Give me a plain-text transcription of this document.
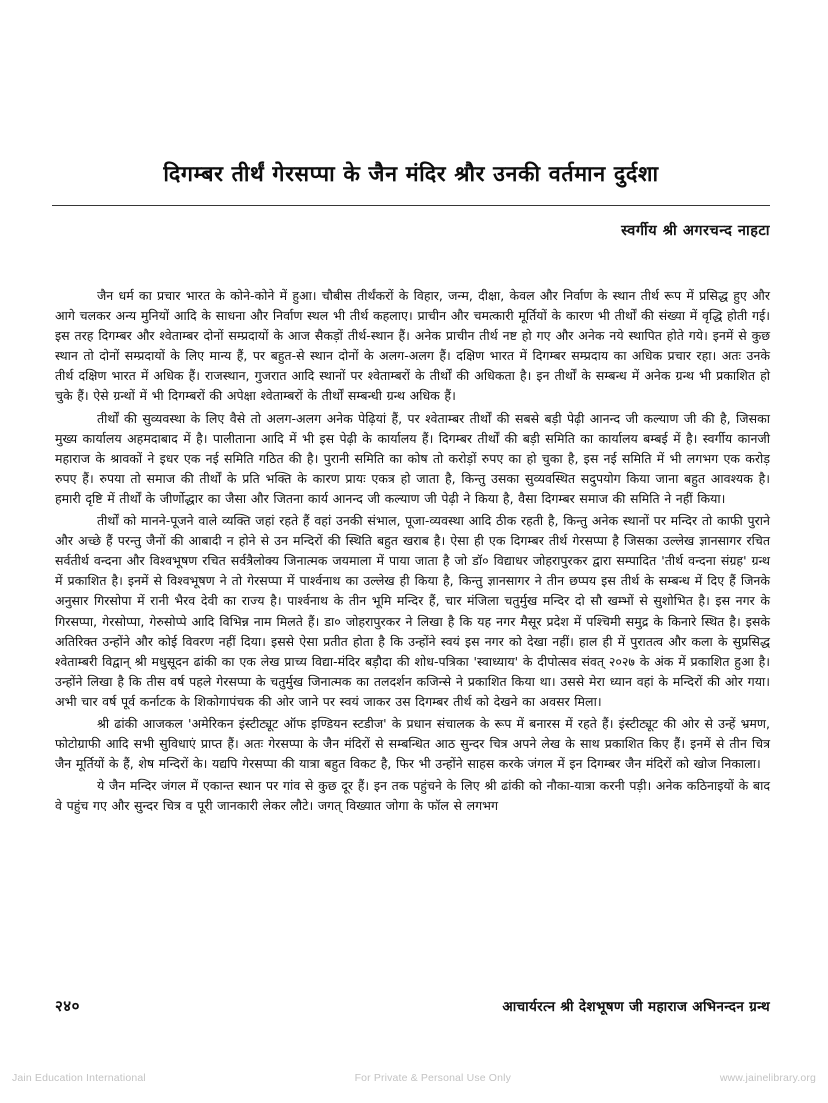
दिगम्बर तीर्थं गेरसप्पा के जैन मंदिर श्रौर उनकी वर्तमान दुर्दशा
स्वर्गीय श्री अगरचन्द नाहटा

जैन धर्म का प्रचार भारत के कोने-कोने में हुआ। चौबीस तीर्थंकरों के विहार, जन्म, दीक्षा, केवल और निर्वाण के स्थान तीर्थ रूप में प्रसिद्ध हुए और आगे चलकर अन्य मुनियों आदि के साधना और निर्वाण स्थल भी तीर्थ कहलाए। प्राचीन और चमत्कारी मूर्तियों के कारण भी तीर्थों की संख्या में वृद्धि होती गई। इस तरह दिगम्बर और श्वेताम्बर दोनों सम्प्रदायों के आज सैकड़ों तीर्थ-स्थान हैं। अनेक प्राचीन तीर्थ नष्ट हो गए और अनेक नये स्थापित होते गये। इनमें से कुछ स्थान तो दोनों सम्प्रदायों के लिए मान्य हैं, पर बहुत-से स्थान दोनों के अलग-अलग हैं। दक्षिण भारत में दिगम्बर सम्प्रदाय का अधिक प्रचार रहा। अतः उनके तीर्थ दक्षिण भारत में अधिक हैं। राजस्थान, गुजरात आदि स्थानों पर श्वेताम्बरों के तीर्थों की अधिकता है। इन तीर्थों के सम्बन्ध में अनेक ग्रन्थ भी प्रकाशित हो चुके हैं। ऐसे ग्रन्थों में भी दिगम्बरों की अपेक्षा श्वेताम्बरों के तीर्थों सम्बन्धी ग्रन्थ अधिक हैं।

तीर्थों की सुव्यवस्था के लिए वैसे तो अलग-अलग अनेक पेढ़ियां हैं, पर श्वेताम्बर तीर्थों की सबसे बड़ी पेढ़ी आनन्द जी कल्याण जी की है, जिसका मुख्य कार्यालय अहमदाबाद में है। पालीताना आदि में भी इस पेढ़ी के कार्यालय हैं। दिगम्बर तीर्थों की बड़ी समिति का कार्यालय बम्बई में है। स्वर्गीय कानजी महाराज के श्रावकों ने इधर एक नई समिति गठित की है। पुरानी समिति का कोष तो करोड़ों रुपए का हो चुका है, इस नई समिति में भी लगभग एक करोड़ रुपए हैं। रुपया तो समाज की तीर्थों के प्रति भक्ति के कारण प्रायः एकत्र हो जाता है, किन्तु उसका सुव्यवस्थित सदुपयोग किया जाना बहुत आवश्यक है। हमारी दृष्टि में तीर्थों के जीर्णोद्धार का जैसा और जितना कार्य आनन्द जी कल्याण जी पेढ़ी ने किया है, वैसा दिगम्बर समाज की समिति ने नहीं किया।

तीर्थों को मानने-पूजने वाले व्यक्ति जहां रहते हैं वहां उनकी संभाल, पूजा-व्यवस्था आदि ठीक रहती है, किन्तु अनेक स्थानों पर मन्दिर तो काफी पुराने और अच्छे हैं परन्तु जैनों की आबादी न होने से उन मन्दिरों की स्थिति बहुत खराब है। ऐसा ही एक दिगम्बर तीर्थ गेरसप्पा है जिसका उल्लेख ज्ञानसागर रचित सर्वतीर्थ वन्दना और विश्वभूषण रचित सर्वत्रैलोक्य जिनात्मक जयमाला में पाया जाता है जो डॉ० विद्याधर जोहरापुरकर द्वारा सम्पादित 'तीर्थ वन्दना संग्रह' ग्रन्थ में प्रकाशित है। इनमें से विश्वभूषण ने तो गेरसप्पा में पार्श्वनाथ का उल्लेख ही किया है, किन्तु ज्ञानसागर ने तीन छप्पय इस तीर्थ के सम्बन्ध में दिए हैं जिनके अनुसार गिरसोपा में रानी भैरव देवी का राज्य है। पार्श्वनाथ के तीन भूमि मन्दिर हैं, चार मंजिला चतुर्मुख मन्दिर दो सौ खम्भों से सुशोभित है। इस नगर के गिरसप्पा, गेरसोप्पा, गेरुसोप्पे आदि विभिन्न नाम मिलते हैं। डा० जोहरापुरकर ने लिखा है कि यह नगर मैसूर प्रदेश में पश्चिमी समुद्र के किनारे स्थित है। इसके अतिरिक्त उन्होंने और कोई विवरण नहीं दिया। इससे ऐसा प्रतीत होता है कि उन्होंने स्वयं इस नगर को देखा नहीं। हाल ही में पुरातत्व और कला के सुप्रसिद्ध श्वेताम्बरी विद्वान् श्री मधुसूदन ढांकी का एक लेख प्राच्य विद्या-मंदिर बड़ौदा की शोध-पत्रिका 'स्वाध्याय' के दीपोत्सव संवत् २०२७ के अंक में प्रकाशित हुआ है। उन्होंने लिखा है कि तीस वर्ष पहले गेरसप्पा के चतुर्मुख जिनात्मक का तलदर्शन कजिन्से ने प्रकाशित किया था। उससे मेरा ध्यान वहां के मन्दिरों की ओर गया। अभी चार वर्ष पूर्व कर्नाटक के शिकोगापंचक की ओर जाने पर स्वयं जाकर उस दिगम्बर तीर्थ को देखने का अवसर मिला।

श्री ढांकी आजकल 'अमेरिकन इंस्टीट्यूट ऑफ इण्डियन स्टडीज' के प्रधान संचालक के रूप में बनारस में रहते हैं। इंस्टीट्यूट की ओर से उन्हें भ्रमण, फोटोग्राफी आदि सभी सुविधाएं प्राप्त हैं। अतः गेरसप्पा के जैन मंदिरों से सम्बन्धित आठ सुन्दर चित्र अपने लेख के साथ प्रकाशित किए हैं। इनमें से तीन चित्र जैन मूर्तियों के हैं, शेष मन्दिरों के। यद्यपि गेरसप्पा की यात्रा बहुत विकट है, फिर भी उन्होंने साहस करके जंगल में इन दिगम्बर जैन मंदिरों को खोज निकाला।

ये जैन मन्दिर जंगल में एकान्त स्थान पर गांव से कुछ दूर हैं। इन तक पहुंचने के लिए श्री ढांकी को नौका-यात्रा करनी पड़ी। अनेक कठिनाइयों के बाद वे पहुंच गए और सुन्दर चित्र व पूरी जानकारी लेकर लौटे। जगत् विख्यात जोगा के फॉल से लगभग

२४०	आचार्यरत्न श्री देशभूषण जी महाराज अभिनन्दन ग्रन्थ
Jain Education International	For Private & Personal Use Only	www.jainelibrary.org
